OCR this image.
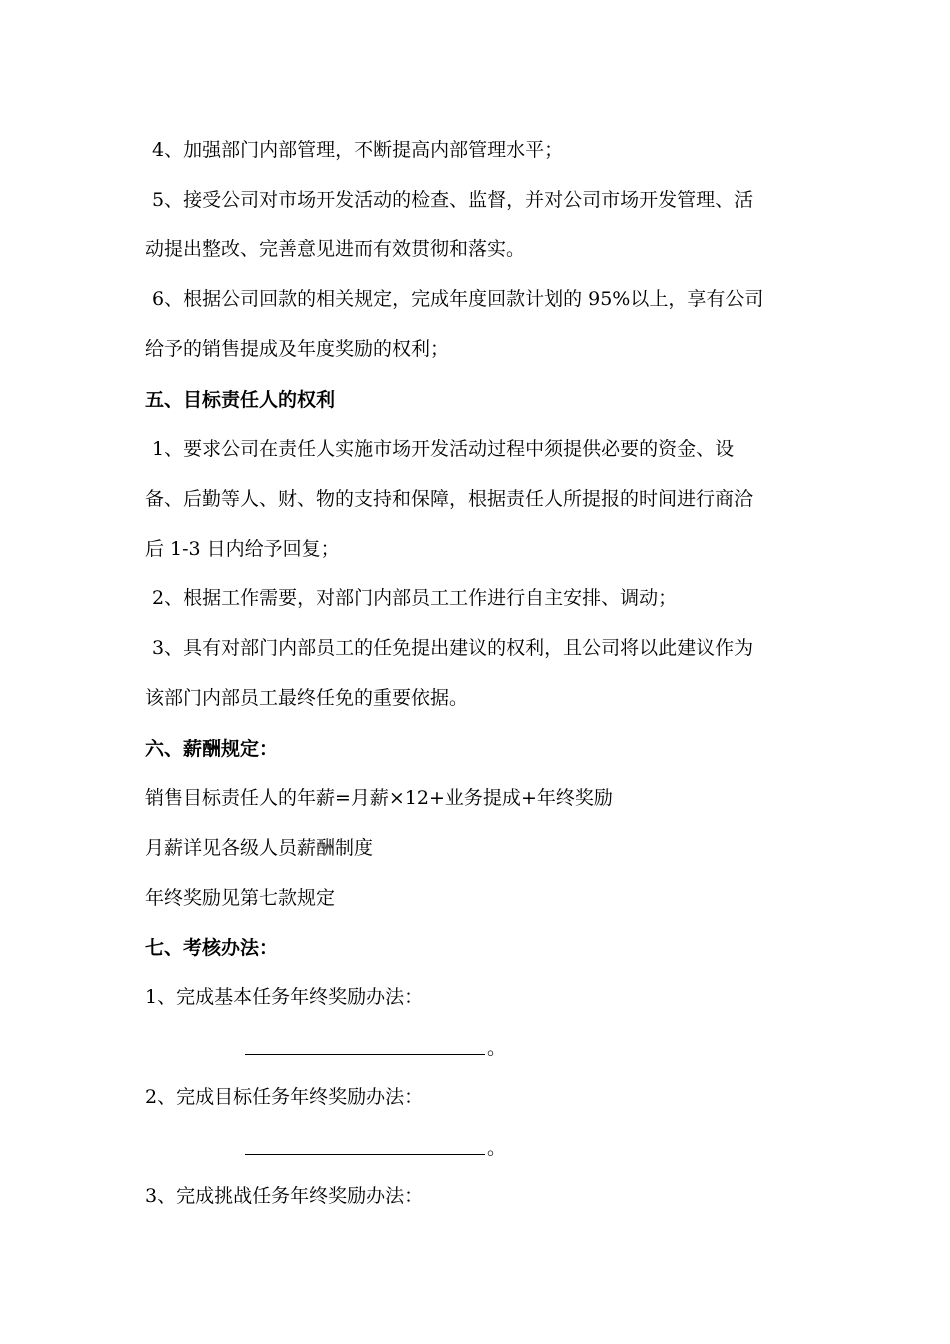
4、加强部门内部管理，不断提高内部管理水平；
5、接受公司对市场开发活动的检查、监督，并对公司市场开发管理、活
动提出整改、完善意见进而有效贯彻和落实。
6、根据公司回款的相关规定，完成年度回款计划的 95%以上，享有公司
给予的销售提成及年度奖励的权利；
五、目标责任人的权利
1、要求公司在责任人实施市场开发活动过程中须提供必要的资金、设
备、后勤等人、财、物的支持和保障，根据责任人所提报的时间进行商洽
后 1-3 日内给予回复；
2、根据工作需要，对部门内部员工工作进行自主安排、调动；
3、具有对部门内部员工的任免提出建议的权利，且公司将以此建议作为
该部门内部员工最终任免的重要依据。
六、薪酬规定：
销售目标责任人的年薪=月薪×12+业务提成+年终奖励
月薪详见各级人员薪酬制度
年终奖励见第七款规定
七、考核办法：
1、完成基本任务年终奖励办法：
。
2、完成目标任务年终奖励办法：
。
3、完成挑战任务年终奖励办法：
